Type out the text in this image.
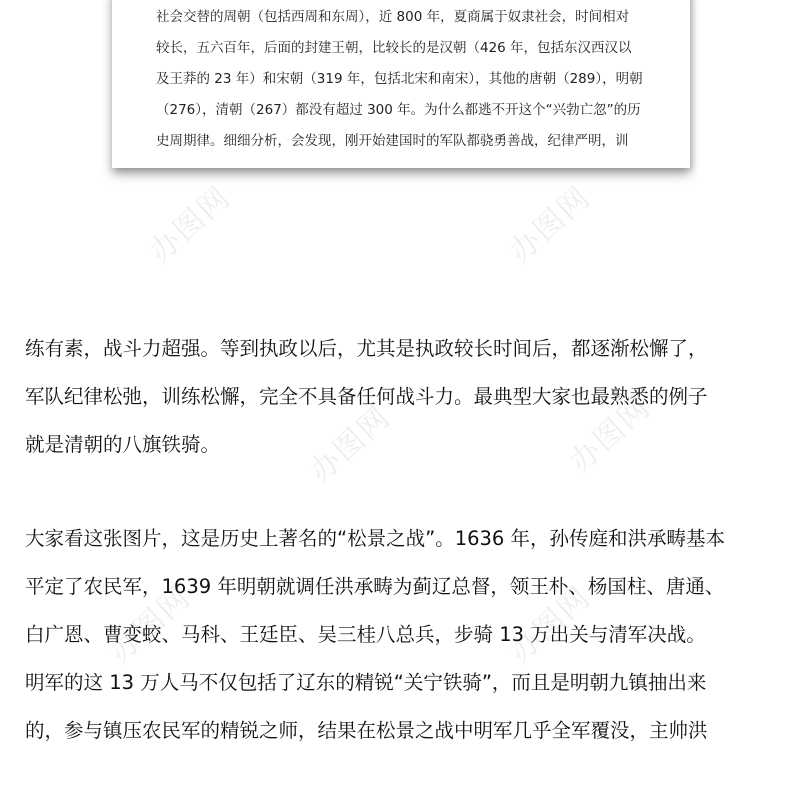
社会交替的周朝（包括西周和东周），近 800 年，夏商属于奴隶社会，时间相对
较长，五六百年，后面的封建王朝，比较长的是汉朝（426 年，包括东汉西汉以
及王莽的 23 年）和宋朝（319 年，包括北宋和南宋），其他的唐朝（289），明朝
（276），清朝（267）都没有超过 300 年。为什么都逃不开这个“兴勃亡忽”的历
史周期律。细细分析，会发现，刚开始建国时的军队都骁勇善战，纪律严明，训
办图网	办图网
办图网	办图网
办图网	办图网
练有素，战斗力超强。等到执政以后，尤其是执政较长时间后，都逐渐松懈了，
军队纪律松弛，训练松懈，完全不具备任何战斗力。最典型大家也最熟悉的例子
就是清朝的八旗铁骑。
大家看这张图片，这是历史上著名的“松景之战”。1636 年，孙传庭和洪承畴基本
平定了农民军，1639 年明朝就调任洪承畴为蓟辽总督，领王朴、杨国柱、唐通、
白广恩、曹变蛟、马科、王廷臣、吴三桂八总兵，步骑 13 万出关与清军决战。
明军的这 13 万人马不仅包括了辽东的精锐“关宁铁骑”，而且是明朝九镇抽出来
的，参与镇压农民军的精锐之师，结果在松景之战中明军几乎全军覆没，主帅洪
